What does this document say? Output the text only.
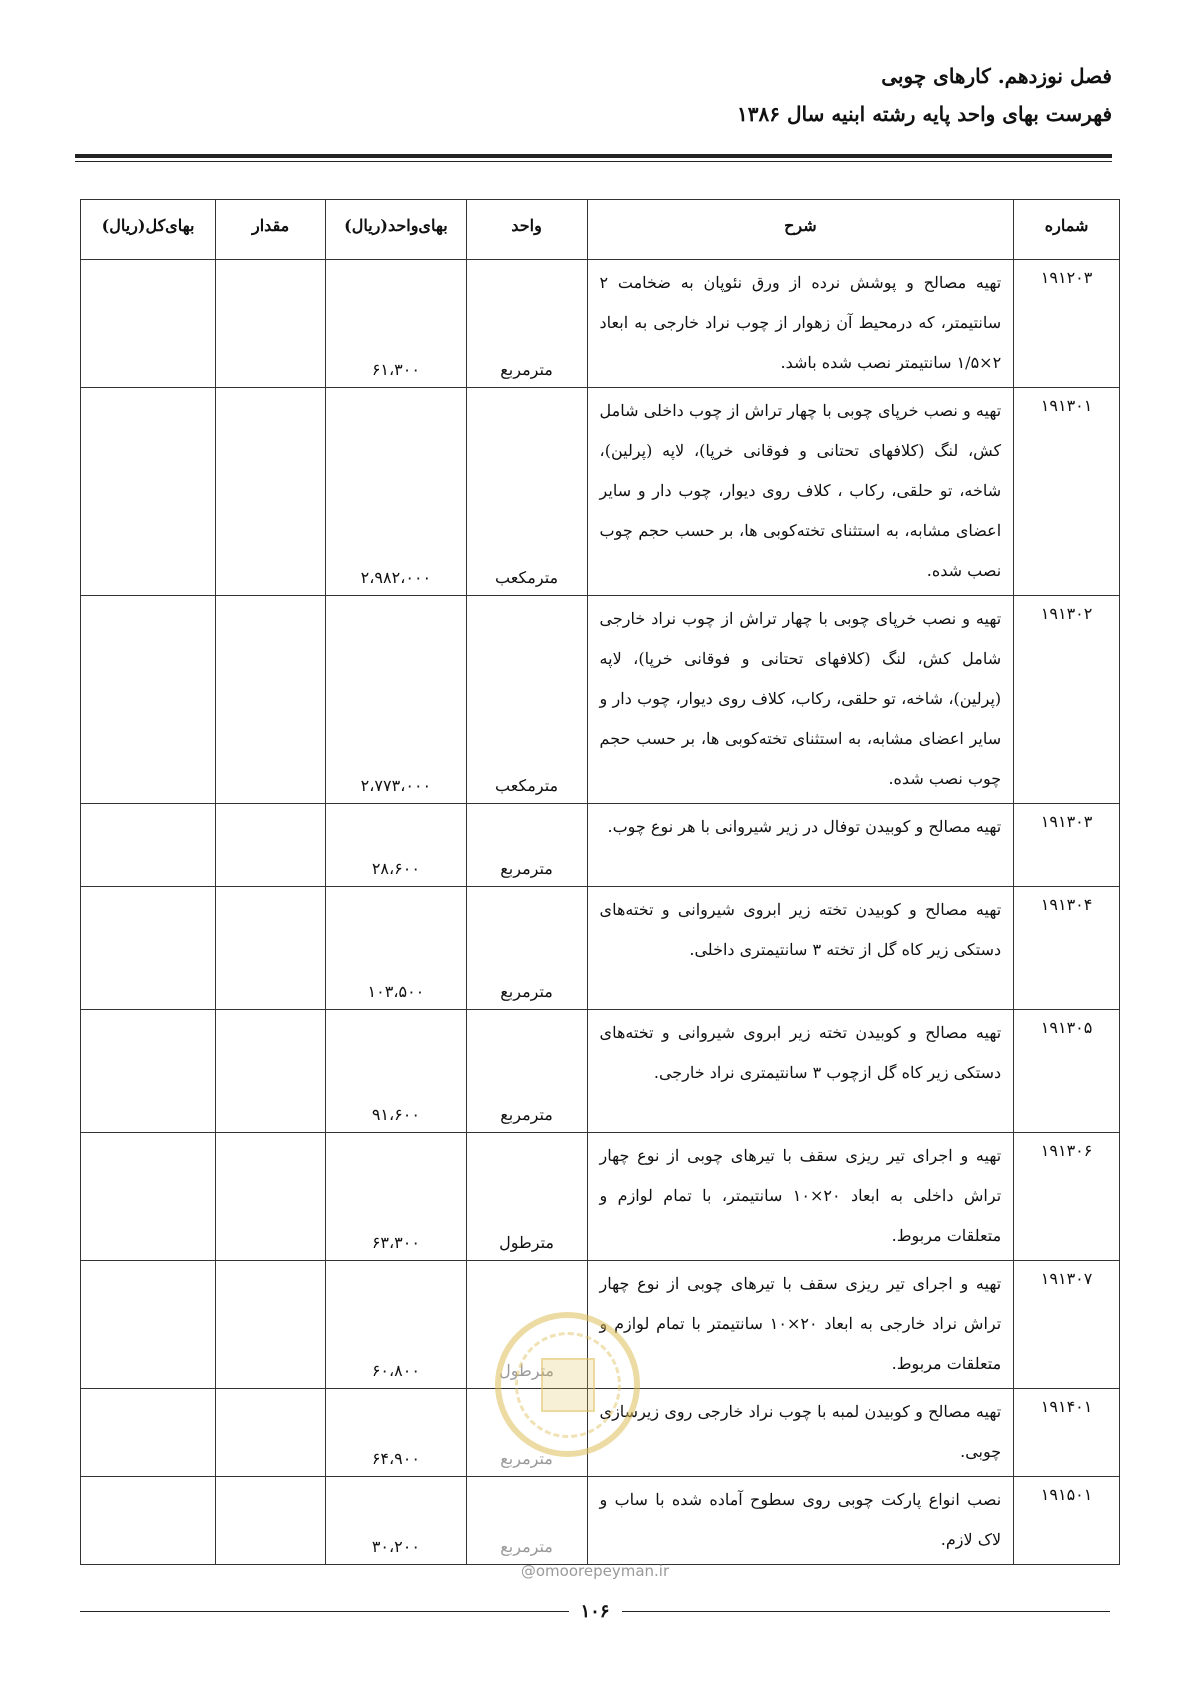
فصل نوزدهم. کارهای چوبی
فهرست بهای واحد پایه رشته ابنیه سال ۱۳۸۶
شماره	شرح	واحد	بهای‌واحد(ریال)	مقدار	بهای‌کل(ریال)
۱۹۱۲۰۳	تهیه مصالح و پوشش نرده از ورق نئوپان به ضخامت ۲ سانتیمتر، که درمحیط آن زهوار از چوب نراد خارجی به ابعاد ۲×۱/۵ سانتیمتر نصب شده باشد.	مترمربع	۶۱،۳۰۰		
۱۹۱۳۰۱	تهیه و نصب خرپای چوبی با چهار تراش از چوب داخلی شامل کش، لنگ (کلافهای تحتانی و فوقانی خرپا)، لاپه (پرلین)، شاخه، تو حلقی، رکاب ، کلاف روی دیوار، چوب دار و سایر اعضای مشابه، به استثنای تخته‌کوبی ها، بر حسب حجم چوب نصب شده.	مترمکعب	۲،۹۸۲،۰۰۰		
۱۹۱۳۰۲	تهیه و نصب خرپای چوبی با چهار تراش از چوب نراد خارجی شامل کش، لنگ (کلافهای تحتانی و فوقانی خرپا)، لاپه (پرلین)، شاخه، تو حلقی، رکاب، کلاف روی دیوار، چوب دار و سایر اعضای مشابه، به استثنای تخته‌کوبی ها، بر حسب حجم چوب نصب شده.	مترمکعب	۲،۷۷۳،۰۰۰		
۱۹۱۳۰۳	تهیه مصالح و کوبیدن توفال در زیر شیروانی با هر نوع چوب.	مترمربع	۲۸،۶۰۰		
۱۹۱۳۰۴	تهیه مصالح و کوبیدن تخته زیر ابروی شیروانی و تخته‌های دستکی زیر کاه گل از تخته ۳ سانتیمتری داخلی.	مترمربع	۱۰۳،۵۰۰		
۱۹۱۳۰۵	تهیه مصالح و کوبیدن تخته زیر ابروی شیروانی و تخته‌های دستکی زیر کاه گل ازچوب ۳ سانتیمتری نراد خارجی.	مترمربع	۹۱،۶۰۰		
۱۹۱۳۰۶	تهیه و اجرای تیر ریزی سقف با تیرهای چوبی از نوع چهار تراش داخلی به ابعاد ۲۰×۱۰ سانتیمتر، با تمام لوازم و متعلقات مربوط.	مترطول	۶۳،۳۰۰		
۱۹۱۳۰۷	تهیه و اجرای تیر ریزی سقف با تیرهای چوبی از نوع چهار تراش نراد خارجی به ابعاد ۲۰×۱۰ سانتیمتر با تمام لوازم و متعلقات مربوط.	مترطول	۶۰،۸۰۰		
۱۹۱۴۰۱	تهیه مصالح و کوبیدن لمبه با چوب نراد خارجی روی زیرسازی چوبی.	مترمربع	۶۴،۹۰۰		
۱۹۱۵۰۱	نصب انواع پارکت چوبی روی سطوح آماده شده با ساب و لاک لازم.	مترمربع	۳۰،۲۰۰		
@omoorepeyman.ir
۱۰۶
